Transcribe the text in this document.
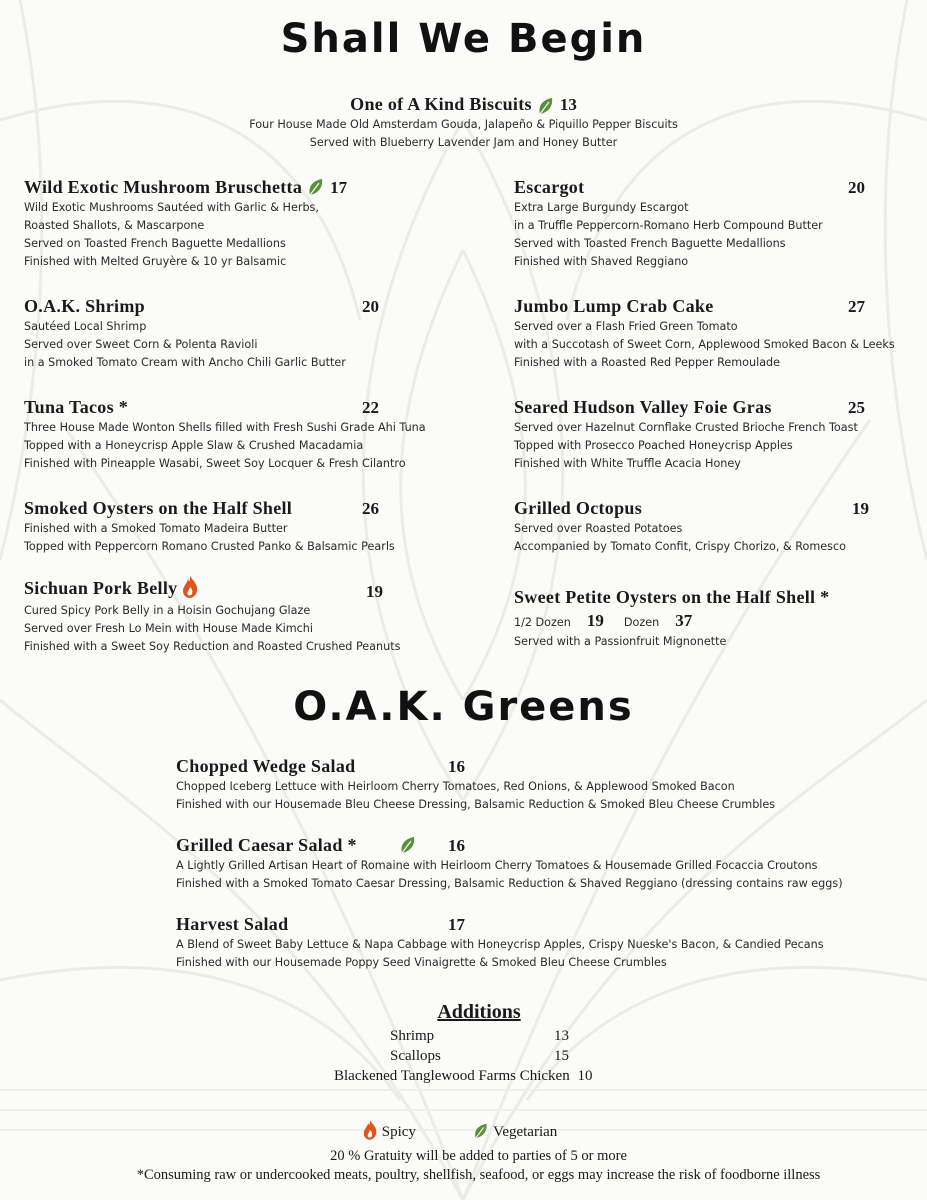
Shall We Begin
One of A Kind Biscuits 13
Four House Made Old Amsterdam Gouda, Jalapeño & Piquillo Pepper Biscuits
Served with Blueberry Lavender Jam and Honey Butter
Wild Exotic Mushroom Bruschetta 17
Wild Exotic Mushrooms Sautéed with Garlic & Herbs,
Roasted Shallots, & Mascarpone
Served on Toasted French Baguette Medallions
Finished with Melted Gruyère & 10 yr Balsamic
O.A.K. Shrimp	20
Sautéed Local Shrimp
Served over Sweet Corn & Polenta Ravioli
in a Smoked Tomato Cream with Ancho Chili Garlic Butter
Tuna Tacos *	22
Three House Made Wonton Shells filled with Fresh Sushi Grade Ahi Tuna
Topped with a Honeycrisp Apple Slaw & Crushed Macadamia
Finished with Pineapple Wasabi, Sweet Soy Locquer & Fresh Cilantro
Smoked Oysters on the Half Shell	26
Finished with a Smoked Tomato Madeira Butter
Topped with Peppercorn Romano Crusted Panko & Balsamic Pearls
Sichuan Pork Belly	19
Cured Spicy Pork Belly in a Hoisin Gochujang Glaze
Served over Fresh Lo Mein with House Made Kimchi
Finished with a Sweet Soy Reduction and Roasted Crushed Peanuts
Escargot	20
Extra Large Burgundy Escargot
in a Truffle Peppercorn-Romano Herb Compound Butter
Served with Toasted French Baguette Medallions
Finished with Shaved Reggiano
Jumbo Lump Crab Cake	27
Served over a Flash Fried Green Tomato
with a Succotash of Sweet Corn, Applewood Smoked Bacon & Leeks
Finished with a Roasted Red Pepper Remoulade
Seared Hudson Valley Foie Gras	25
Served over Hazelnut Cornflake Crusted Brioche French Toast
Topped with Prosecco Poached Honeycrisp Apples
Finished with White Truffle Acacia Honey
Grilled Octopus	19
Served over Roasted Potatoes
Accompanied by Tomato Confit, Crispy Chorizo, & Romesco
Sweet Petite Oysters on the Half Shell *
1/2 Dozen 19 Dozen 37
Served with a Passionfruit Mignonette
O.A.K. Greens
Chopped Wedge Salad	16
Chopped Iceberg Lettuce with Heirloom Cherry Tomatoes, Red Onions, & Applewood Smoked Bacon
Finished with our Housemade Bleu Cheese Dressing, Balsamic Reduction & Smoked Bleu Cheese Crumbles
Grilled Caesar Salad *	16
A Lightly Grilled Artisan Heart of Romaine with Heirloom Cherry Tomatoes & Housemade Grilled Focaccia Croutons
Finished with a Smoked Tomato Caesar Dressing, Balsamic Reduction & Shaved Reggiano (dressing contains raw eggs)
Harvest Salad	17
A Blend of Sweet Baby Lettuce & Napa Cabbage with Honeycrisp Apples, Crispy Nueske's Bacon, & Candied Pecans
Finished with our Housemade Poppy Seed Vinaigrette & Smoked Bleu Cheese Crumbles
Additions
Shrimp	13
Scallops	15
Blackened Tanglewood Farms Chicken 10
Spicy	Vegetarian
20 % Gratuity will be added to parties of 5 or more
*Consuming raw or undercooked meats, poultry, shellfish, seafood, or eggs may increase the risk of foodborne illness
